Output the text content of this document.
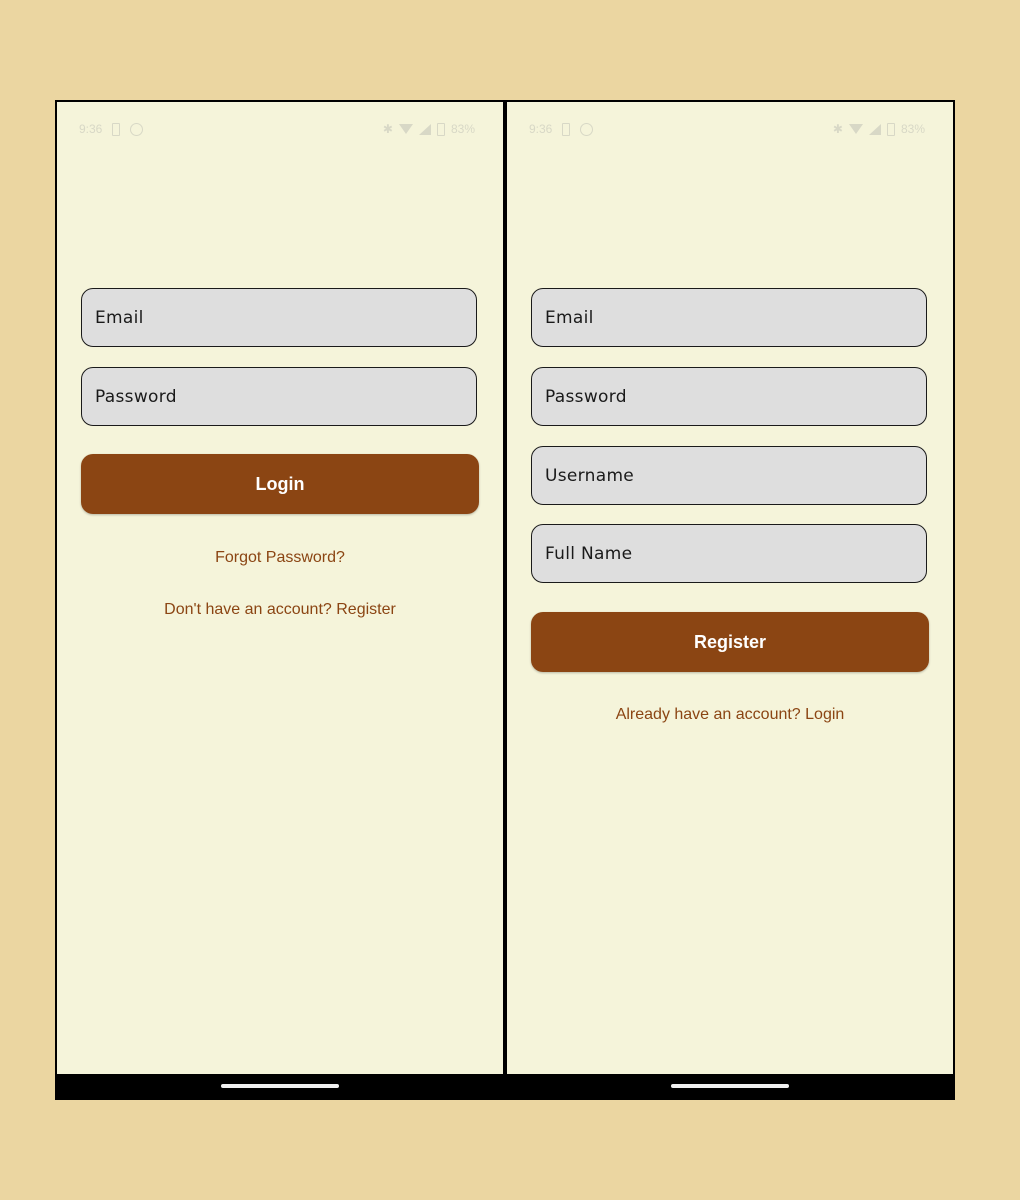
9:36	✱	83%
Email
Login
Forgot Password?
Don't have an account? Register
9:36	✱	83%
Email
Username
Full Name
Register
Already have an account? Login
